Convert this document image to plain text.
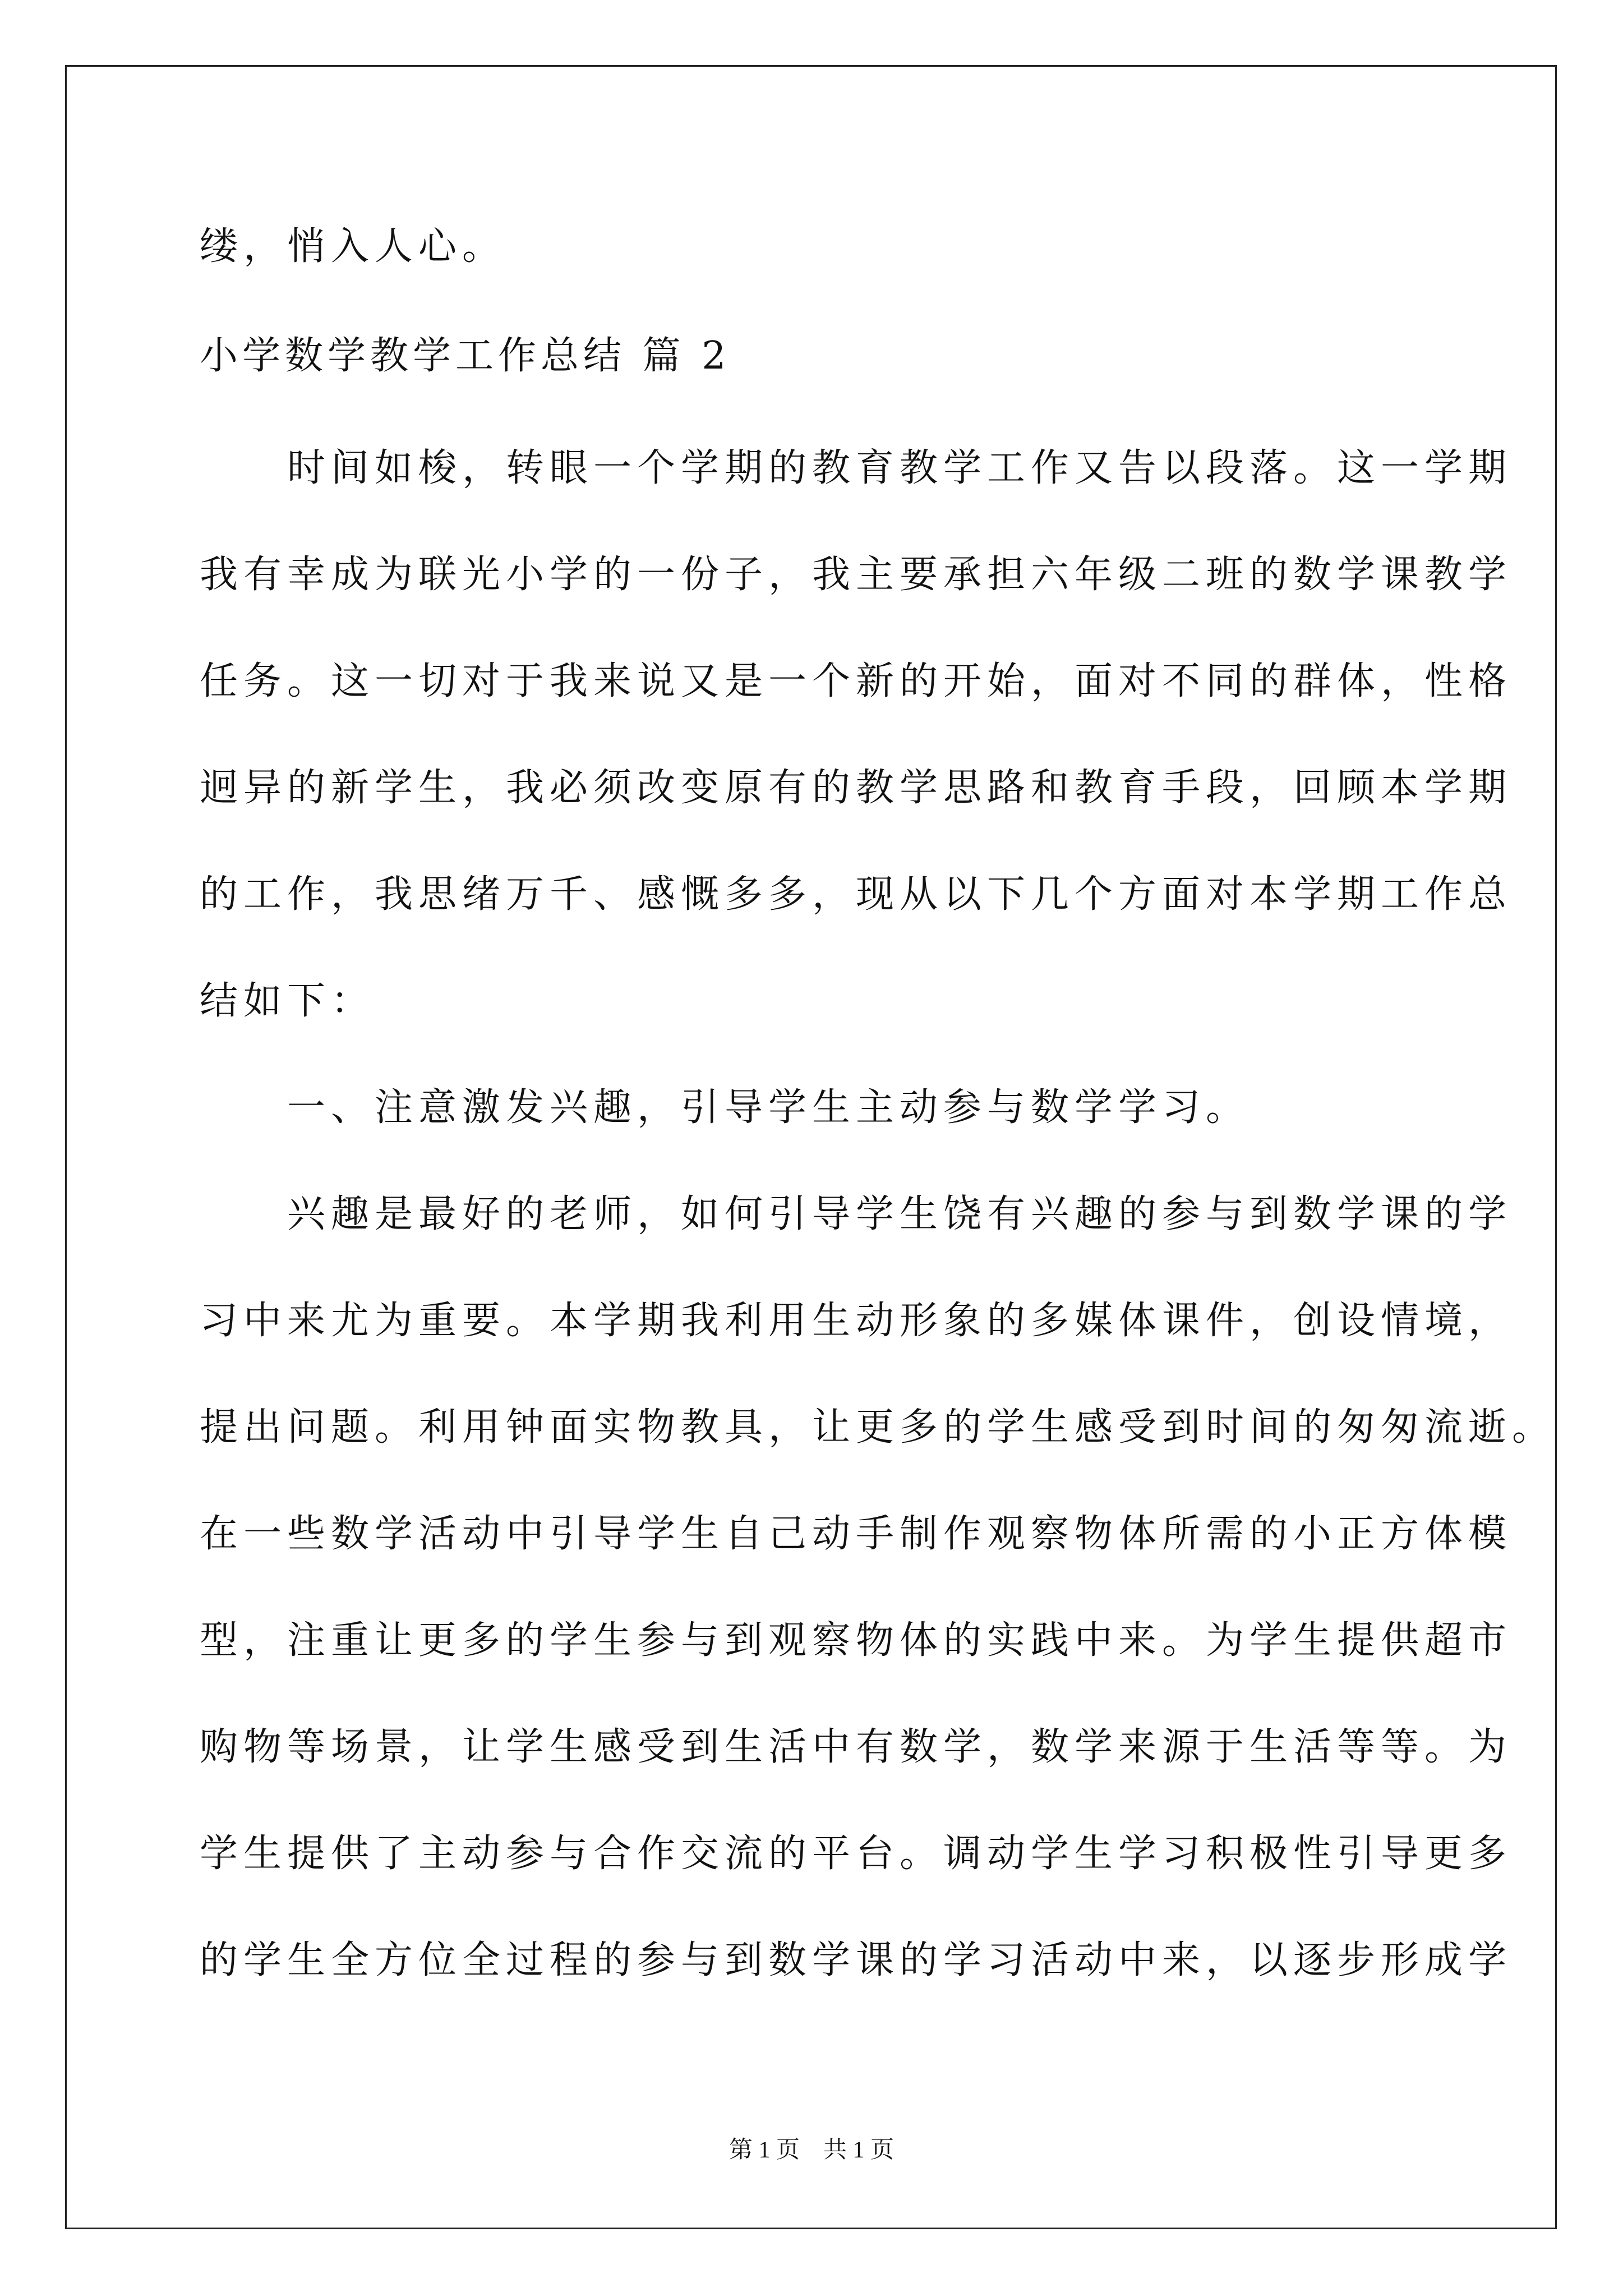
缕，悄入人心。
小学数学教学工作总结 篇 2
　　时间如梭，转眼一个学期的教育教学工作又告以段落。这一学期
我有幸成为联光小学的一份子，我主要承担六年级二班的数学课教学
任务。这一切对于我来说又是一个新的开始，面对不同的群体，性格
迥异的新学生，我必须改变原有的教学思路和教育手段，回顾本学期
的工作，我思绪万千、感慨多多，现从以下几个方面对本学期工作总
结如下：
　　一、注意激发兴趣，引导学生主动参与数学学习。
　　兴趣是最好的老师，如何引导学生饶有兴趣的参与到数学课的学
习中来尤为重要。本学期我利用生动形象的多媒体课件，创设情境，
提出问题。利用钟面实物教具，让更多的学生感受到时间的匆匆流逝。
在一些数学活动中引导学生自己动手制作观察物体所需的小正方体模
型，注重让更多的学生参与到观察物体的实践中来。为学生提供超市
购物等场景，让学生感受到生活中有数学，数学来源于生活等等。为
学生提供了主动参与合作交流的平台。调动学生学习积极性引导更多
的学生全方位全过程的参与到数学课的学习活动中来，以逐步形成学
第 1 页　共 1 页
